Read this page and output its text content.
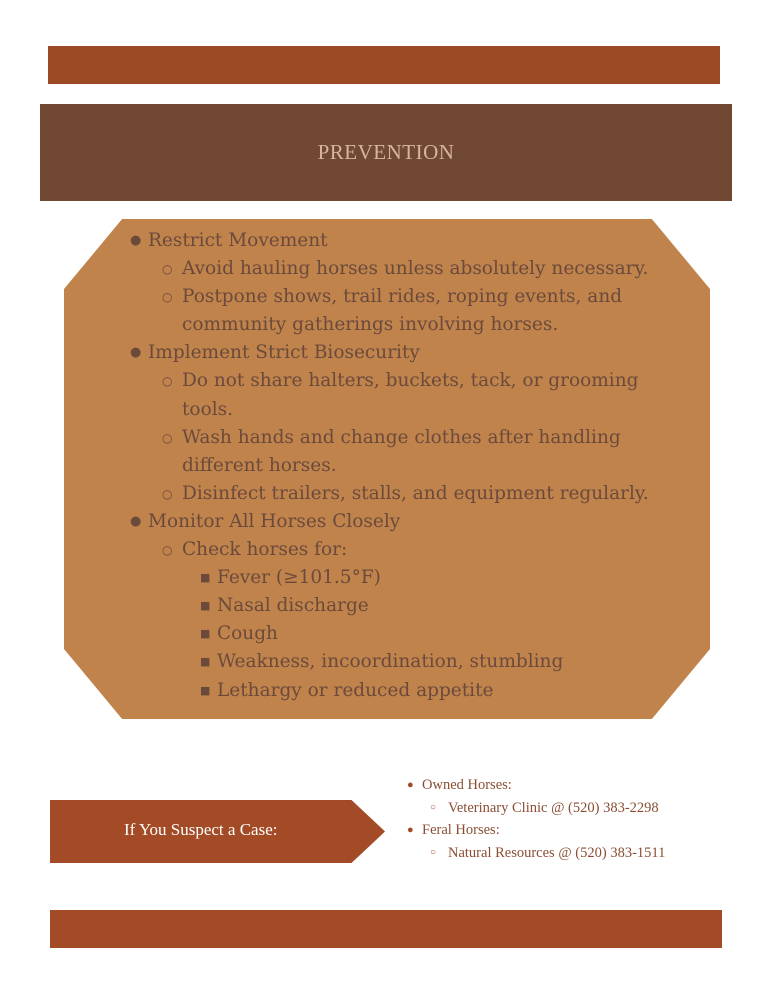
PREVENTION
● Restrict Movement
○ Avoid hauling horses unless absolutely necessary.
○ Postpone shows, trail rides, roping events, and community gatherings involving horses.
● Implement Strict Biosecurity
○ Do not share halters, buckets, tack, or grooming tools.
○ Wash hands and change clothes after handling different horses.
○ Disinfect trailers, stalls, and equipment regularly.
● Monitor All Horses Closely
○ Check horses for:
■ Fever (≥101.5°F)
■ Nasal discharge
■ Cough
■ Weakness, incoordination, stumbling
■ Lethargy or reduced appetite
If You Suspect a Case:
● Owned Horses:
○ Veterinary Clinic @ (520) 383-2298
● Feral Horses:
○ Natural Resources @ (520) 383-1511
